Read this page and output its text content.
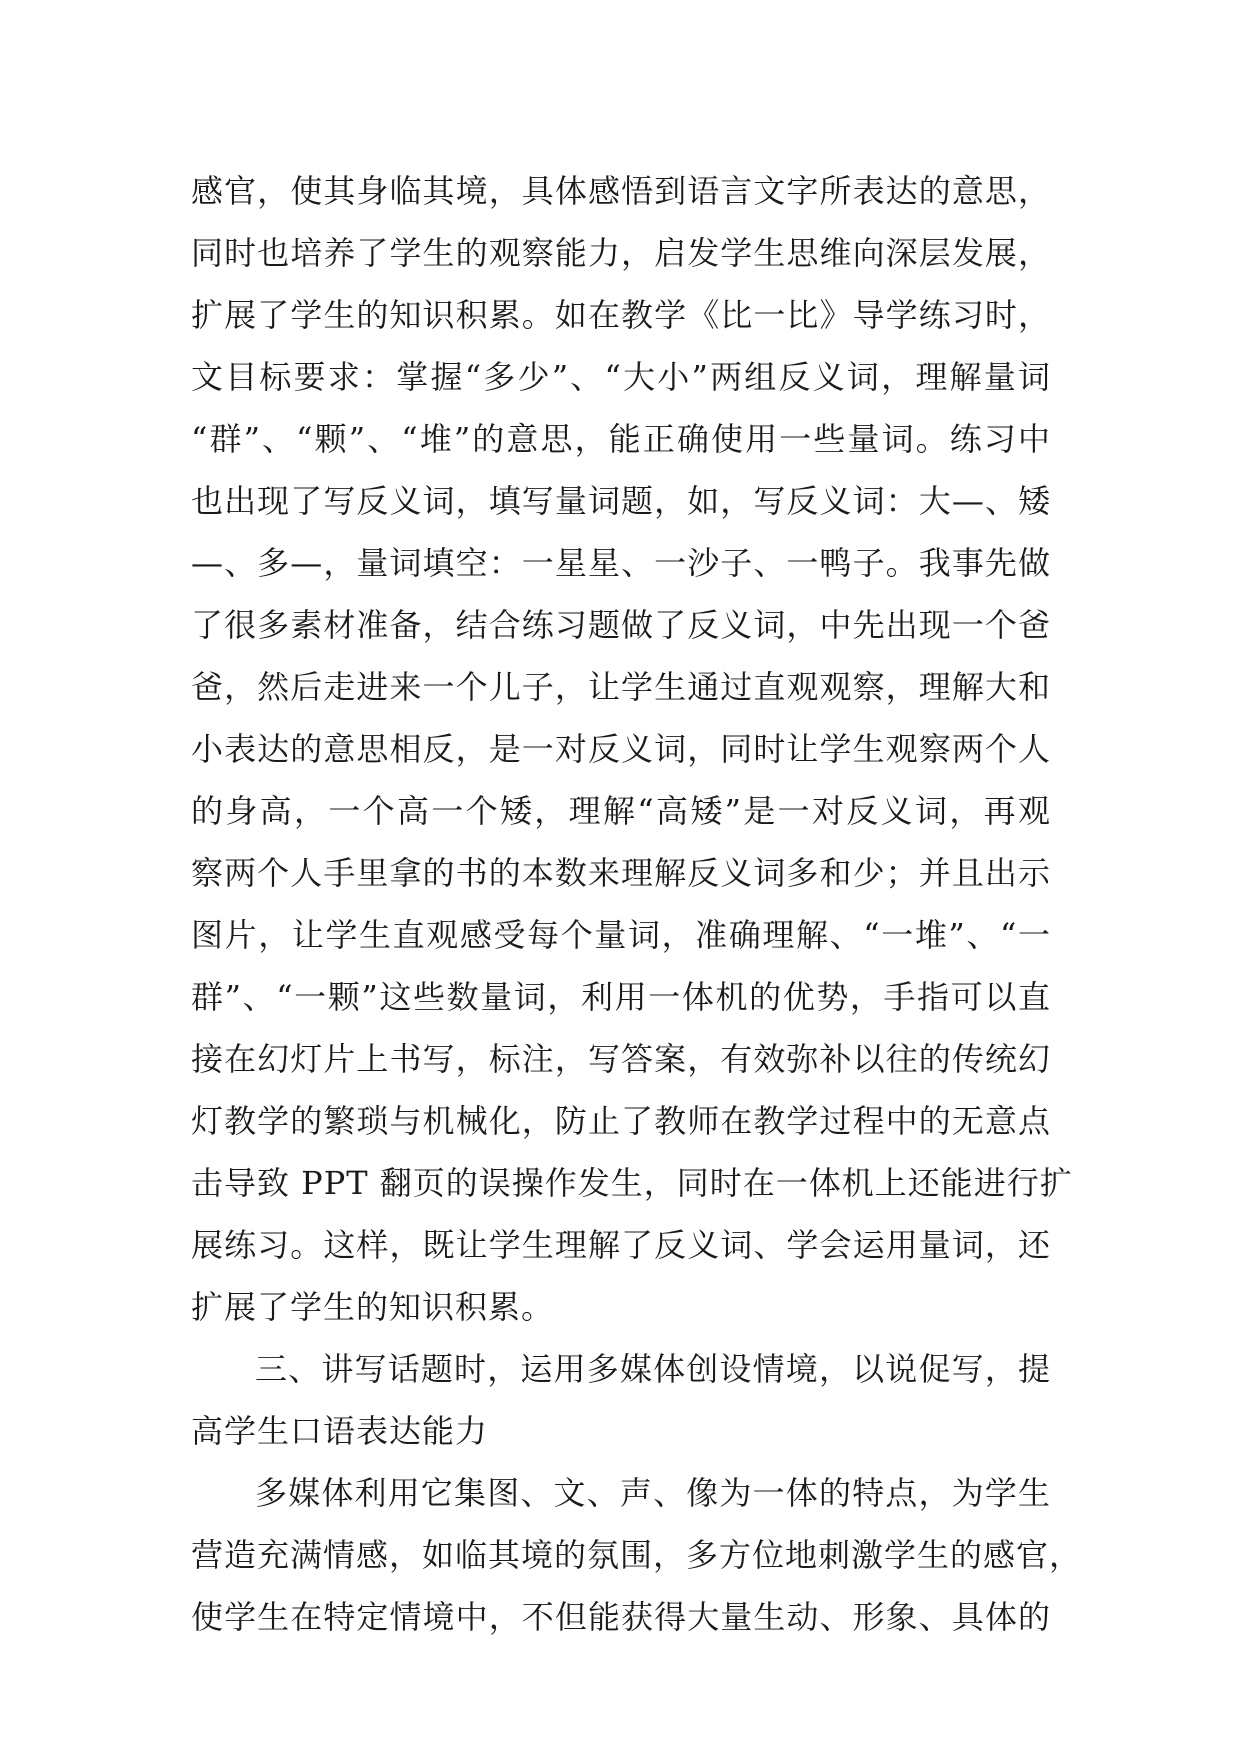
感官，使其身临其境，具体感悟到语言文字所表达的意思，
同时也培养了学生的观察能力，启发学生思维向深层发展，
扩展了学生的知识积累。如在教学《比一比》导学练习时，
文目标要求：掌握“多少”、“大小”两组反义词，理解量词
“群”、“颗”、“堆”的意思，能正确使用一些量词。练习中
也出现了写反义词，填写量词题，如，写反义词：大—、矮
—、多—，量词填空：一星星、一沙子、一鸭子。我事先做
了很多素材准备，结合练习题做了反义词，中先出现一个爸
爸，然后走进来一个儿子，让学生通过直观观察，理解大和
小表达的意思相反，是一对反义词，同时让学生观察两个人
的身高，一个高一个矮，理解“高矮”是一对反义词，再观
察两个人手里拿的书的本数来理解反义词多和少；并且出示
图片，让学生直观感受每个量词，准确理解、“一堆”、“一
群”、“一颗”这些数量词，利用一体机的优势，手指可以直
接在幻灯片上书写，标注，写答案，有效弥补以往的传统幻
灯教学的繁琐与机械化，防止了教师在教学过程中的无意点
击导致 PPT 翻页的误操作发生，同时在一体机上还能进行扩
展练习。这样，既让学生理解了反义词、学会运用量词，还
扩展了学生的知识积累。
三、讲写话题时，运用多媒体创设情境，以说促写，提
高学生口语表达能力
多媒体利用它集图、文、声、像为一体的特点，为学生
营造充满情感，如临其境的氛围，多方位地刺激学生的感官，
使学生在特定情境中，不但能获得大量生动、形象、具体的
